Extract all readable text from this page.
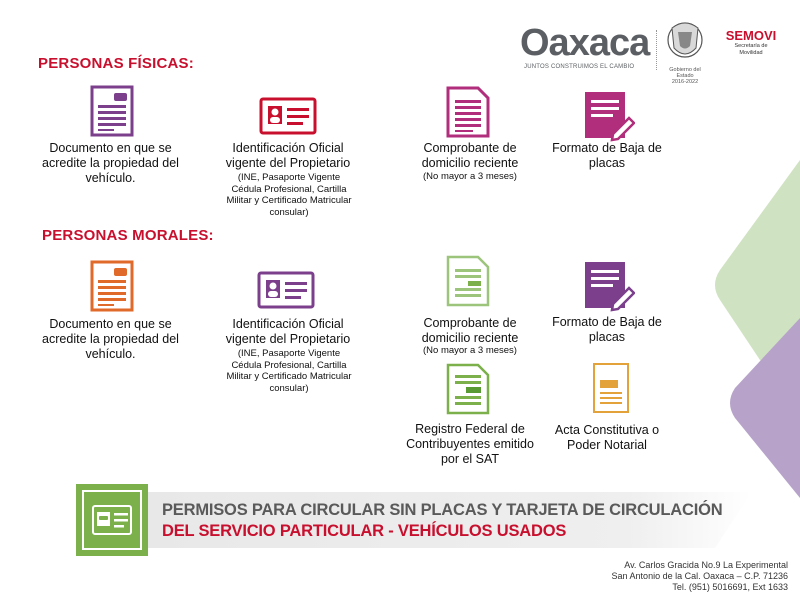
Oaxaca
JUNTOS CONSTRUIMOS EL CAMBIO	Gobierno del Estado
2016-2022
SEMOVI
Secretaría de
Movilidad
PERSONAS FÍSICAS:
Documento en que se acredite la propiedad del vehículo.
Identificación Oficial vigente del Propietario
(INE, Pasaporte Vigente Cédula Profesional, Cartilla Militar y Certificado Matricular consular)
Comprobante de domicilio reciente
(No mayor a 3 meses)
Formato de Baja de placas
PERSONAS MORALES:
Documento en que se acredite la propiedad del vehículo.
Identificación Oficial vigente del Propietario
(INE, Pasaporte Vigente Cédula Profesional, Cartilla Militar y Certificado Matricular consular)
Comprobante de domicilio reciente
(No mayor a 3 meses)
Formato de Baja de placas
Registro Federal de Contribuyentes emitido por el SAT
Acta Constitutiva o Poder Notarial
PERMISOS PARA CIRCULAR SIN PLACAS Y TARJETA DE CIRCULACIÓN
DEL SERVICIO PARTICULAR - VEHÍCULOS USADOS
Av. Carlos Gracida No.9 La Experimental
San Antonio de la Cal. Oaxaca – C.P. 71236
Tel. (951) 5016691, Ext 1633
